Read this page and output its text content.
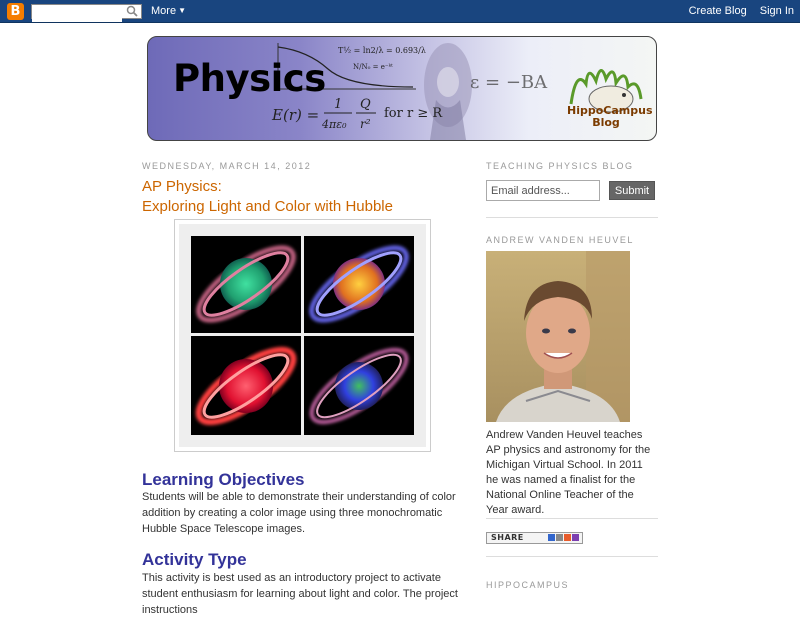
B	More ▼	Create Blog Sign In
T½ = ln2/λ = 0.693/λ
N/N₀ = e⁻ᵏᵗ
Physics
E(r) =
1
4πε₀
Q
r²
for r ≥ R
ε = −BA
HippoCampus
Blog
WEDNESDAY, MARCH 14, 2012
AP Physics:
Exploring Light and Color with Hubble
Learning Objectives
Students will be able to demonstrate their understanding of color addition by creating a color image using three monochromatic Hubble Space Telescope images.
Activity Type
This activity is best used as an introductory project to activate student enthusiasm for learning about light and color. The project instructions
TEACHING PHYSICS BLOG
Email address...
Submit
ANDREW VANDEN HEUVEL
Andrew Vanden Heuvel teaches AP physics and astronomy for the Michigan Virtual School. In 2011 he was named a finalist for the National Online Teacher of the Year award.
SHARE
HIPPOCAMPUS
